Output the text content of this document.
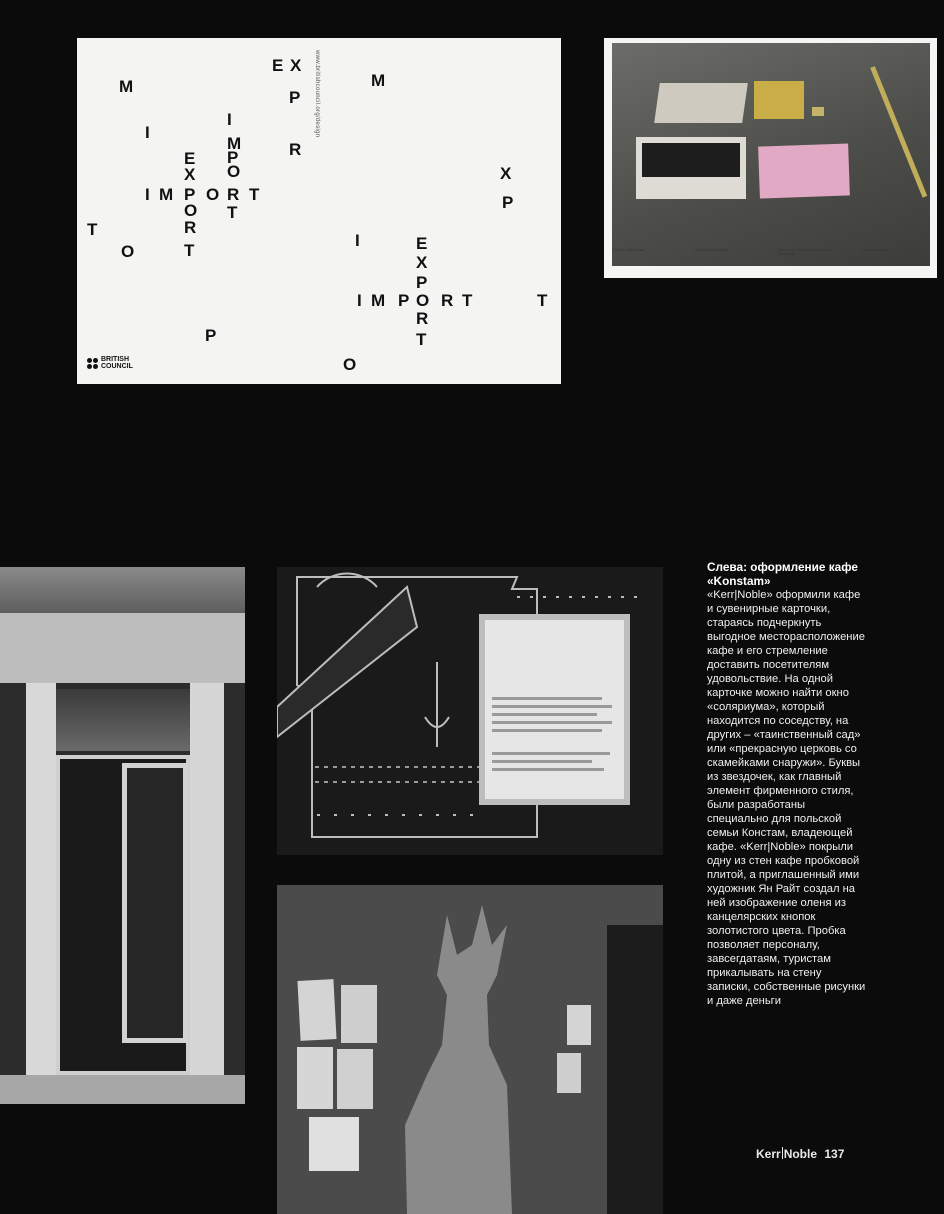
E X
M	M
P
I
I
M	R
E P
X O	X
I M P O R T	P
O T
T	R
I	E
O	T
X
P
I M O R T	T
P
R
T
P
O
www.britishcouncil.org/design
BRITISH
COUNCIL
1 Book: Lolyb Brown	2 Book: Sound Stage	3 Book: You Can Print Anywhere in Everything
4 Import for Export
Слева: оформление кафе «Konstam»

«Kerr|Noble» оформили кафе и сувенирные карточки, стараясь подчеркнуть выгодное месторасположение кафе и его стремление доставить посетителям удовольствие. На одной карточке можно найти окно «соляриума», который находится по соседству, на других – «таинственный сад» или «прекрасную церковь со скамейками снаружи». Буквы из звездочек, как главный элемент фирменного стиля, были разработаны специально для польской семьи Констам, владеющей кафе. «Kerr|Noble» покрыли одну из стен кафе пробковой плитой, а приглашенный ими художник Ян Райт создал на ней изображение оленя из канцелярских кнопок золотистого цвета. Пробка позволяет персоналу, завсегдатаям, туристам прикалывать на стену записки, собственные рисунки и даже деньги

Kerr Noble 137
